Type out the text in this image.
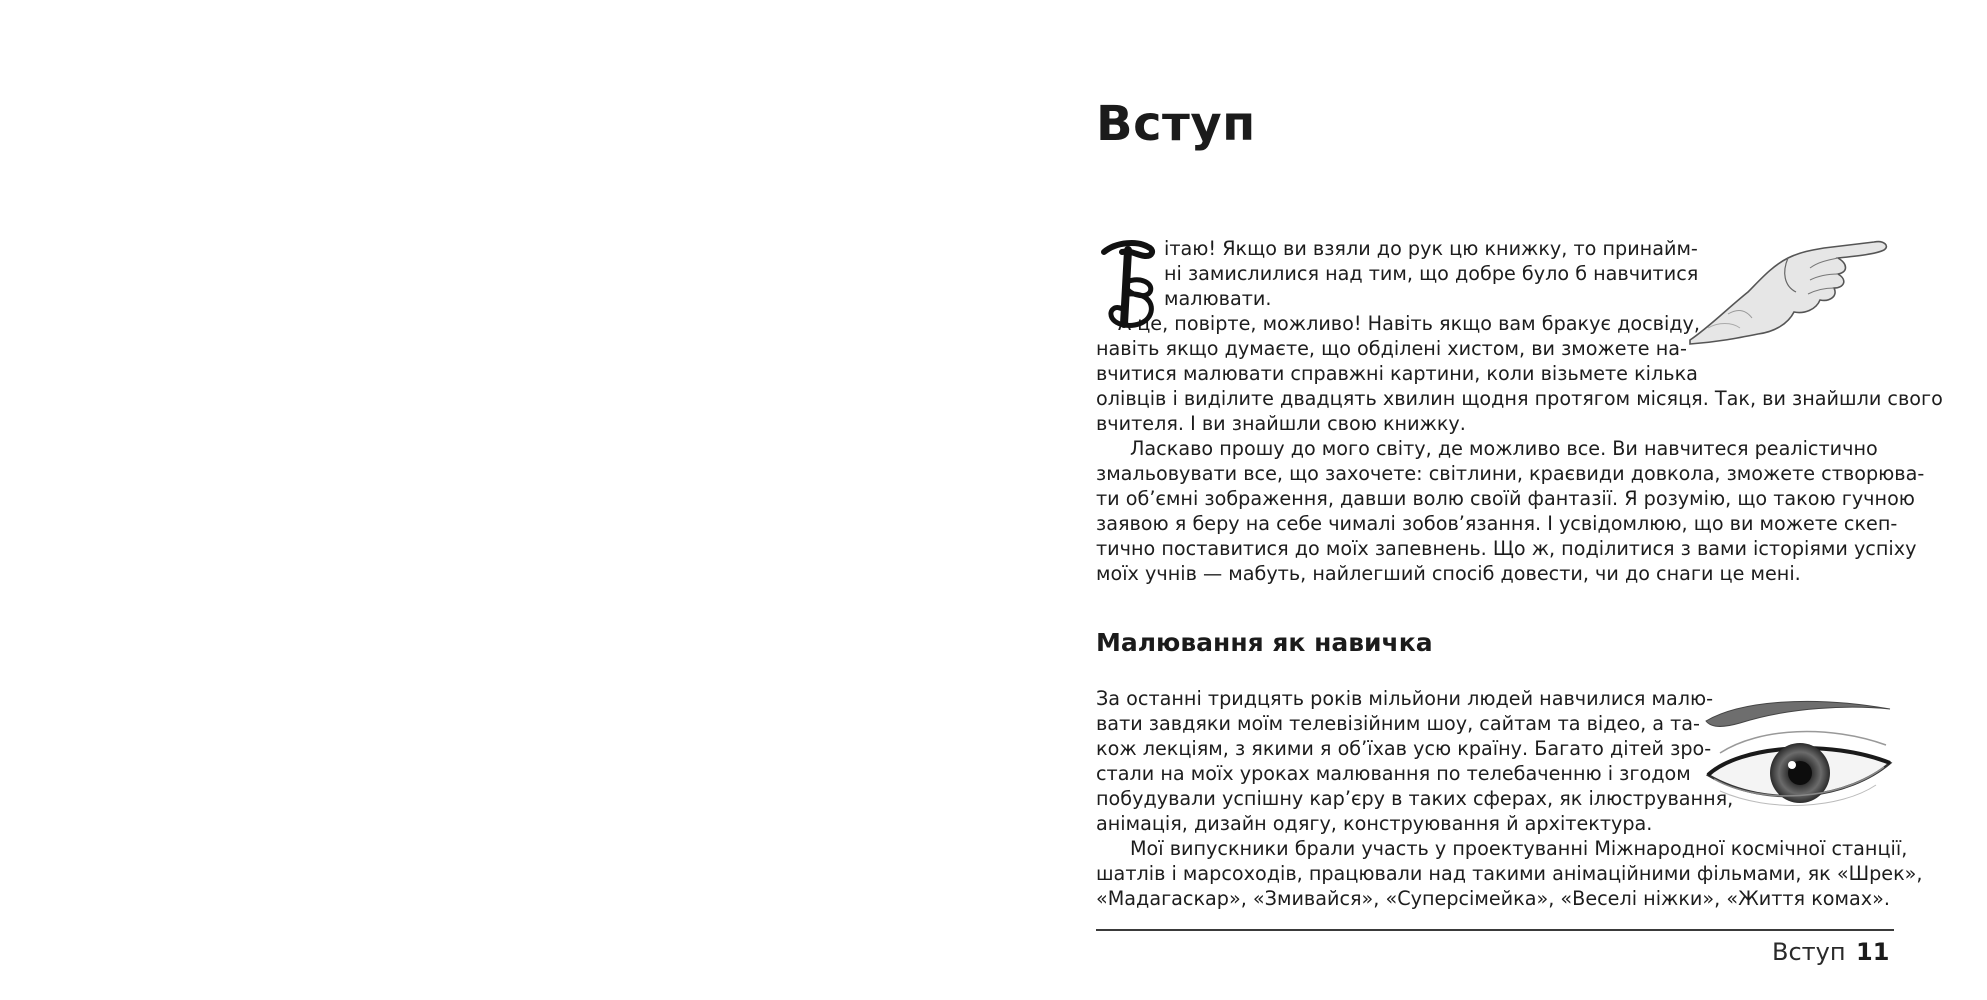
Вступ
ітаю! Якщо ви взяли до рук цю книжку, то принайм-
ні замислилися над тим, що добре було б навчитися
малювати.
А це, повірте, можливо! Навіть якщо вам бракує досвіду,
навіть якщо думаєте, що обділені хистом, ви зможете на-
вчитися малювати справжні картини, коли візьмете кілька
олівців і виділите двадцять хвилин щодня протягом місяця. Так, ви знайшли свого
вчителя. І ви знайшли свою книжку.
Ласкаво прошу до мого світу, де можливо все. Ви навчитеся реалістично
змальовувати все, що захочете: світлини, краєвиди довкола, зможете створюва-
ти об’ємні зображення, давши волю своїй фантазії. Я розумію, що такою гучною
заявою я беру на себе чималі зобов’язання. І усвідомлюю, що ви можете скеп-
тично поставитися до моїх запевнень. Що ж, поділитися з вами історіями успіху
моїх учнів — мабуть, найлегший спосіб довести, чи до снаги це мені.
Малювання як навичка
За останні тридцять років мільйони людей навчилися малю-
вати завдяки моїм телевізійним шоу, сайтам та відео, а та-
кож лекціям, з якими я об’їхав усю країну. Багато дітей зро-
стали на моїх уроках малювання по телебаченню і згодом
побудували успішну кар’єру в таких сферах, як ілюстрування,
анімація, дизайн одягу, конструювання й архітектура.
Мої випускники брали участь у проектуванні Міжнародної космічної станції,
шатлів і марсоходів, працювали над такими анімаційними фільмами, як «Шрек»,
«Мадагаскар», «Змивайся», «Суперсімейка», «Веселі ніжки», «Життя комах».
Вступ 11
